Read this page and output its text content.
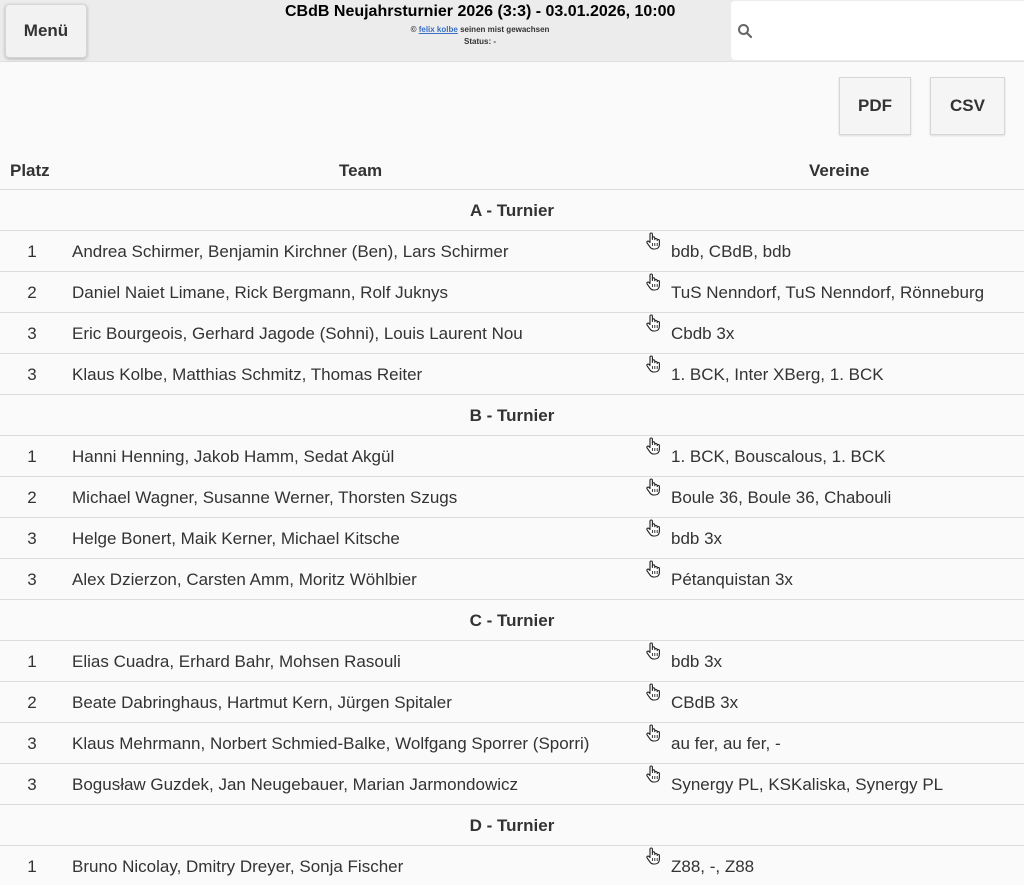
Menü
CBdB Neujahrsturnier 2026 (3:3) - 03.01.2026, 10:00
© felix kolbe seinen mist gewachsen
Status: -
PDF	CSV
Platz	Team	Vereine
A - Turnier
1	Andrea Schirmer, Benjamin Kirchner (Ben), Lars Schirmer	bdb, CBdB, bdb
2	Daniel Naiet Limane, Rick Bergmann, Rolf Juknys	TuS Nenndorf, TuS Nenndorf, Rönneburg
3	Eric Bourgeois, Gerhard Jagode (Sohni), Louis Laurent Nou	Cbdb 3x
3	Klaus Kolbe, Matthias Schmitz, Thomas Reiter	1. BCK, Inter XBerg, 1. BCK
B - Turnier
1	Hanni Henning, Jakob Hamm, Sedat Akgül	1. BCK, Bouscalous, 1. BCK
2	Michael Wagner, Susanne Werner, Thorsten Szugs	Boule 36, Boule 36, Chabouli
3	Helge Bonert, Maik Kerner, Michael Kitsche	bdb 3x
3	Alex Dzierzon, Carsten Amm, Moritz Wöhlbier	Pétanquistan 3x
C - Turnier
1	Elias Cuadra, Erhard Bahr, Mohsen Rasouli	bdb 3x
2	Beate Dabringhaus, Hartmut Kern, Jürgen Spitaler	CBdB 3x
3	Klaus Mehrmann, Norbert Schmied-Balke, Wolfgang Sporrer (Sporri)	au fer, au fer, -
3	Bogusław Guzdek, Jan Neugebauer, Marian Jarmondowicz	Synergy PL, KSKaliska, Synergy PL
D - Turnier
1	Bruno Nicolay, Dmitry Dreyer, Sonja Fischer	Z88, -, Z88
